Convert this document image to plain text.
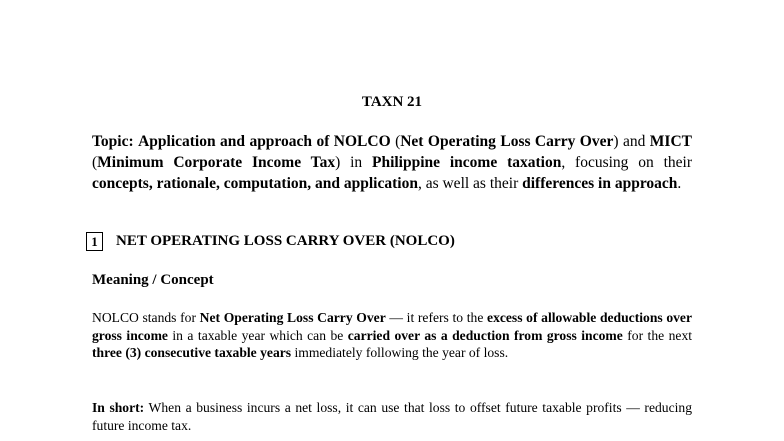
TAXN 21
Topic: Application and approach of NOLCO (Net Operating Loss Carry Over) and MICT (Minimum Corporate Income Tax) in Philippine income taxation, focusing on their concepts, rationale, computation, and application, as well as their differences in approach.
1	NET OPERATING LOSS CARRY OVER (NOLCO)
Meaning / Concept
NOLCO stands for Net Operating Loss Carry Over — it refers to the excess of allowable deductions over gross income in a taxable year which can be carried over as a deduction from gross income for the next three (3) consecutive taxable years immediately following the year of loss.
In short: When a business incurs a net loss, it can use that loss to offset future taxable profits — reducing future income tax.
